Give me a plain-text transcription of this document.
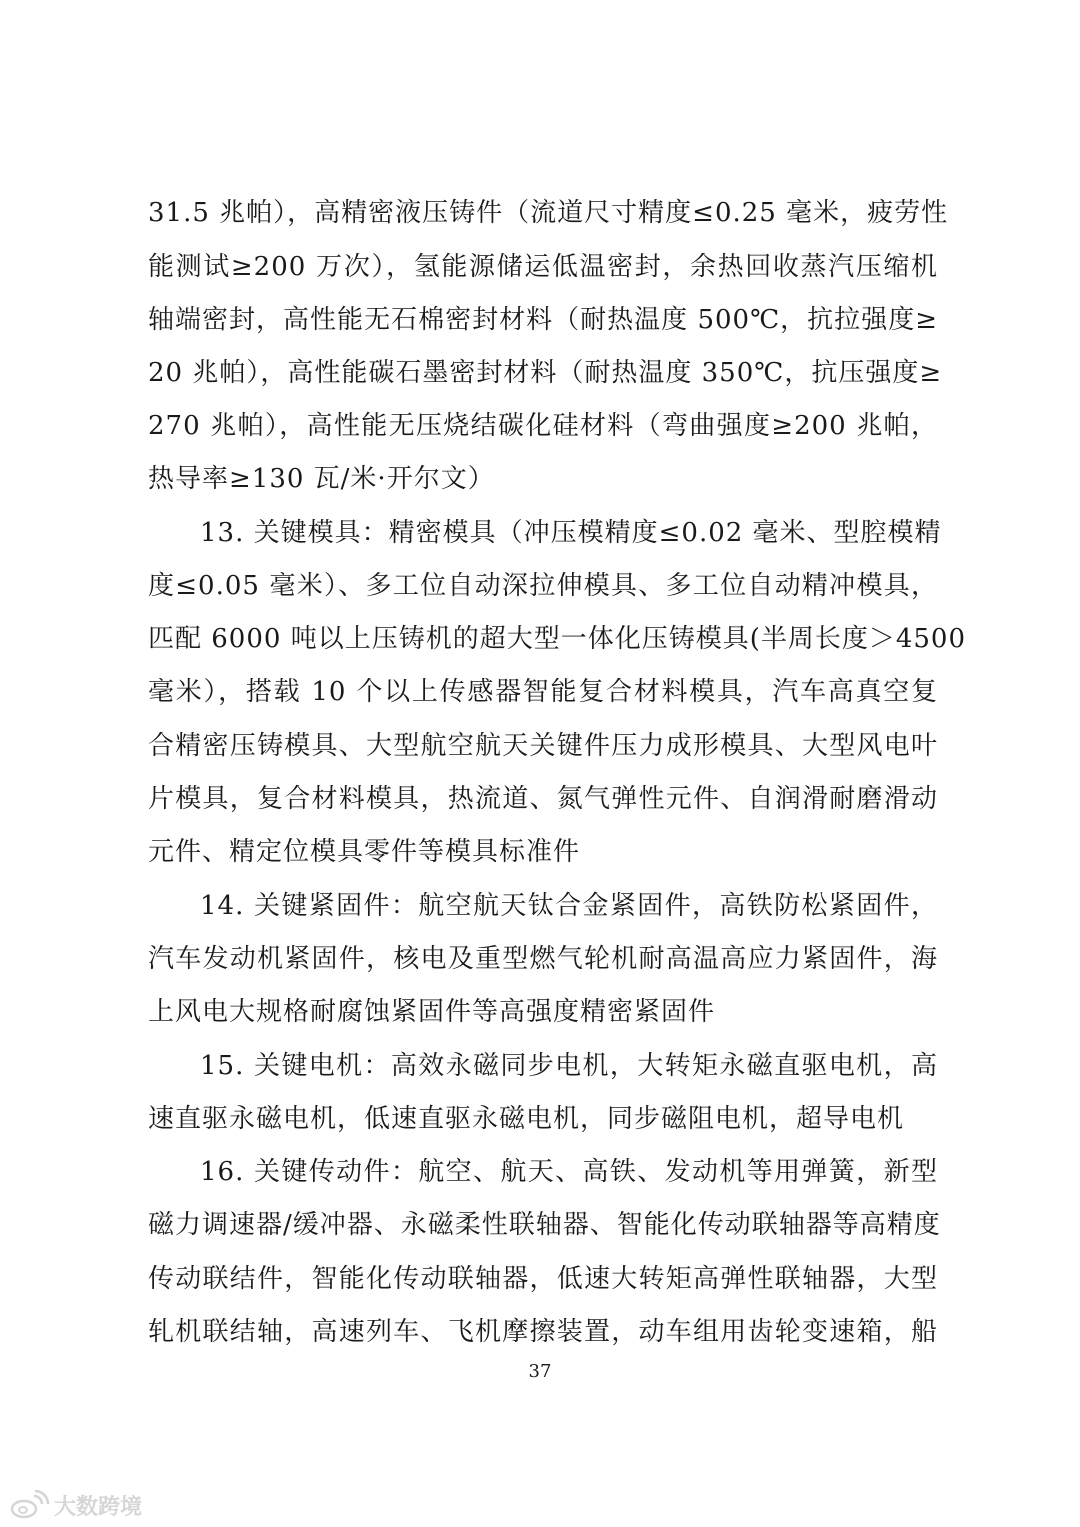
31.5 兆帕），高精密液压铸件（流道尺寸精度≤0.25 毫米，疲劳性
能测试≥200 万次），氢能源储运低温密封，余热回收蒸汽压缩机
轴端密封，高性能无石棉密封材料（耐热温度 500℃，抗拉强度≥
20 兆帕），高性能碳石墨密封材料（耐热温度 350℃，抗压强度≥
270 兆帕），高性能无压烧结碳化硅材料（弯曲强度≥200 兆帕，
热导率≥130 瓦/米·开尔文）
13. 关键模具：精密模具（冲压模精度≤0.02 毫米、型腔模精
度≤0.05 毫米）、多工位自动深拉伸模具、多工位自动精冲模具，
匹配 6000 吨以上压铸机的超大型一体化压铸模具(半周长度＞4500
毫米），搭载 10 个以上传感器智能复合材料模具，汽车高真空复
合精密压铸模具、大型航空航天关键件压力成形模具、大型风电叶
片模具，复合材料模具，热流道、氮气弹性元件、自润滑耐磨滑动
元件、精定位模具零件等模具标准件
14. 关键紧固件：航空航天钛合金紧固件，高铁防松紧固件，
汽车发动机紧固件，核电及重型燃气轮机耐高温高应力紧固件，海
上风电大规格耐腐蚀紧固件等高强度精密紧固件
15. 关键电机：高效永磁同步电机，大转矩永磁直驱电机，高
速直驱永磁电机，低速直驱永磁电机，同步磁阻电机，超导电机
16. 关键传动件：航空、航天、高铁、发动机等用弹簧，新型
磁力调速器/缓冲器、永磁柔性联轴器、智能化传动联轴器等高精度
传动联结件，智能化传动联轴器，低速大转矩高弹性联轴器，大型
轧机联结轴，高速列车、飞机摩擦装置，动车组用齿轮变速箱，船
37
大数跨境
